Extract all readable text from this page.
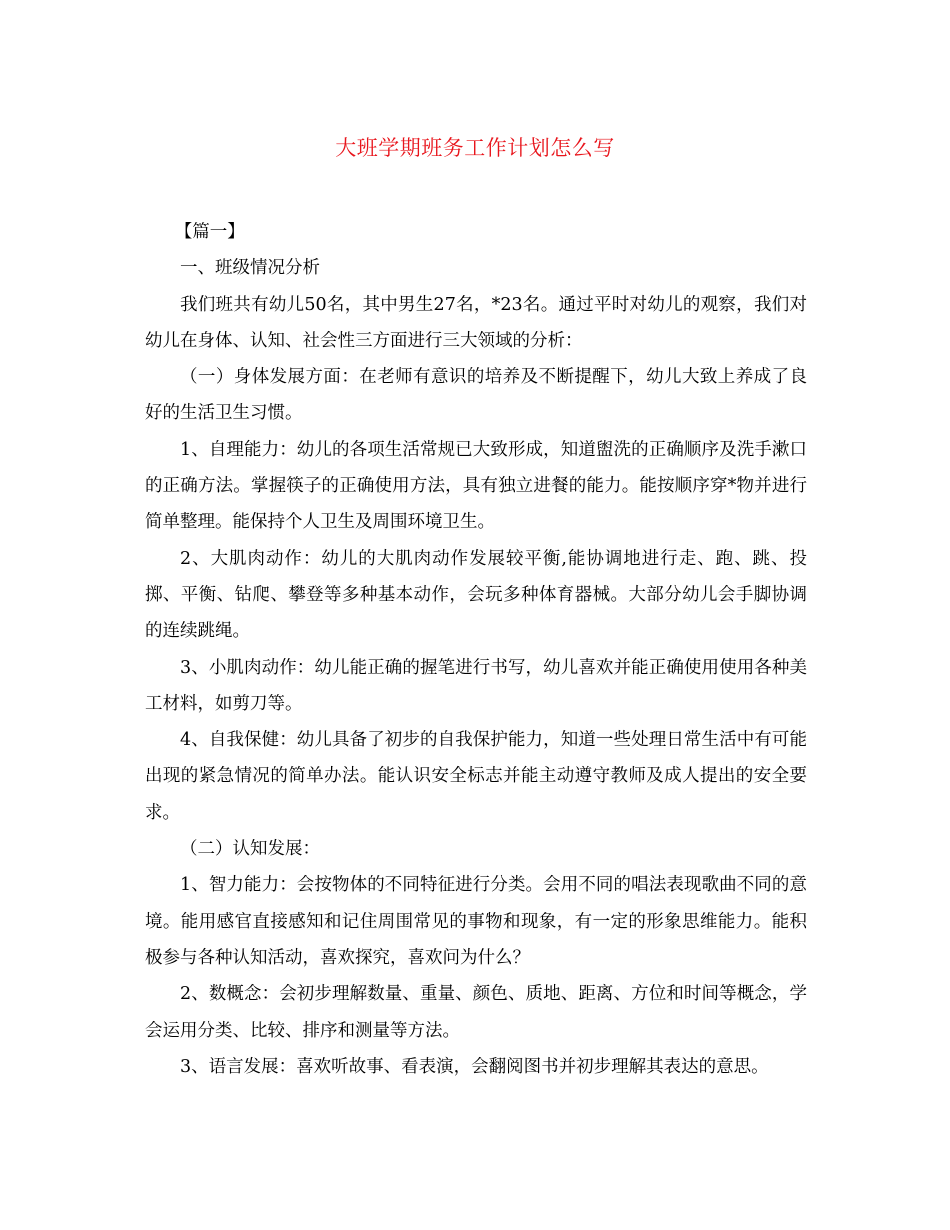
大班学期班务工作计划怎么写

【篇一】

一、班级情况分析

我们班共有幼儿50名，其中男生27名，*23名。通过平时对幼儿的观察，我们对幼儿在身体、认知、社会性三方面进行三大领域的分析：

（一）身体发展方面：在老师有意识的培养及不断提醒下，幼儿大致上养成了良好的生活卫生习惯。

1、自理能力：幼儿的各项生活常规已大致形成，知道盥洗的正确顺序及洗手漱口的正确方法。掌握筷子的正确使用方法，具有独立进餐的能力。能按顺序穿*物并进行简单整理。能保持个人卫生及周围环境卫生。

2、大肌肉动作：幼儿的大肌肉动作发展较平衡,能协调地进行走、跑、跳、投掷、平衡、钻爬、攀登等多种基本动作，会玩多种体育器械。大部分幼儿会手脚协调的连续跳绳。

3、小肌肉动作：幼儿能正确的握笔进行书写，幼儿喜欢并能正确使用使用各种美工材料，如剪刀等。

4、自我保健：幼儿具备了初步的自我保护能力，知道一些处理日常生活中有可能出现的紧急情况的简单办法。能认识安全标志并能主动遵守教师及成人提出的安全要求。

（二）认知发展：

1、智力能力：会按物体的不同特征进行分类。会用不同的唱法表现歌曲不同的意境。能用感官直接感知和记住周围常见的事物和现象，有一定的形象思维能力。能积极参与各种认知活动，喜欢探究，喜欢问为什么？

2、数概念：会初步理解数量、重量、颜色、质地、距离、方位和时间等概念，学会运用分类、比较、排序和测量等方法。

3、语言发展：喜欢听故事、看表演，会翻阅图书并初步理解其表达的意思。
